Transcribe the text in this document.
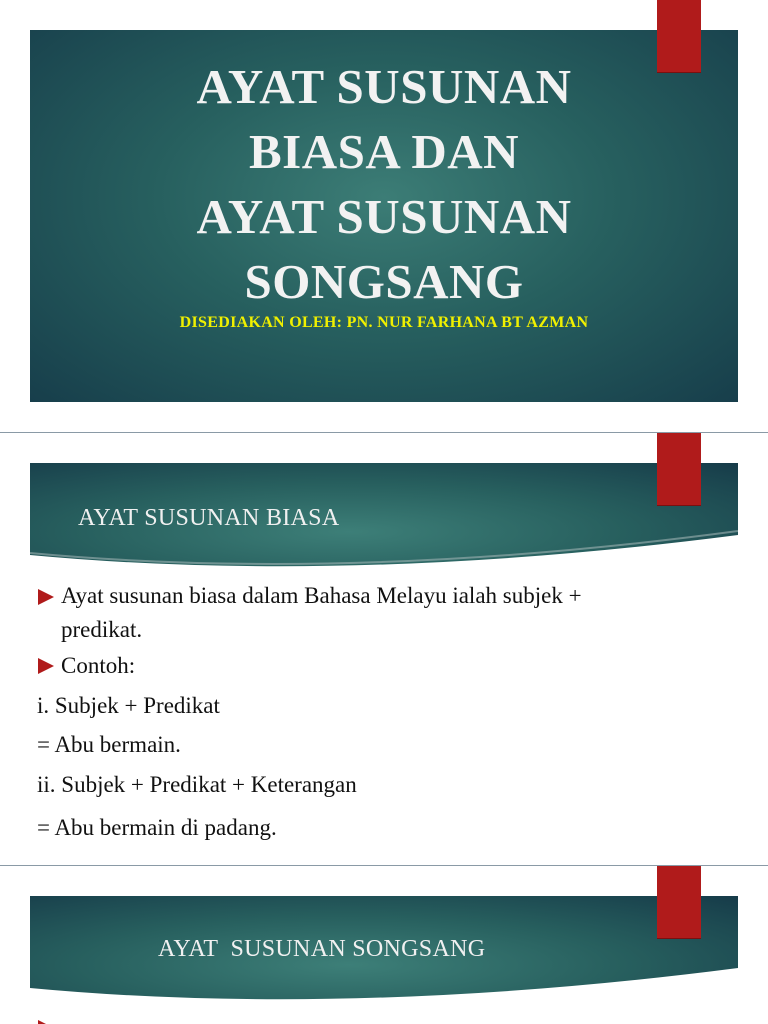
AYAT SUSUNAN
BIASA DAN
AYAT SUSUNAN
SONGSANG
DISEDIAKAN OLEH: PN. NUR FARHANA BT AZMAN
AYAT SUSUNAN BIASA
Ayat susunan biasa dalam Bahasa Melayu ialah subjek +
predikat.
Contoh:
i. Subjek + Predikat
= Abu bermain.
ii. Subjek + Predikat + Keterangan
= Abu bermain di padang.
AYAT  SUSUNAN SONGSANG
